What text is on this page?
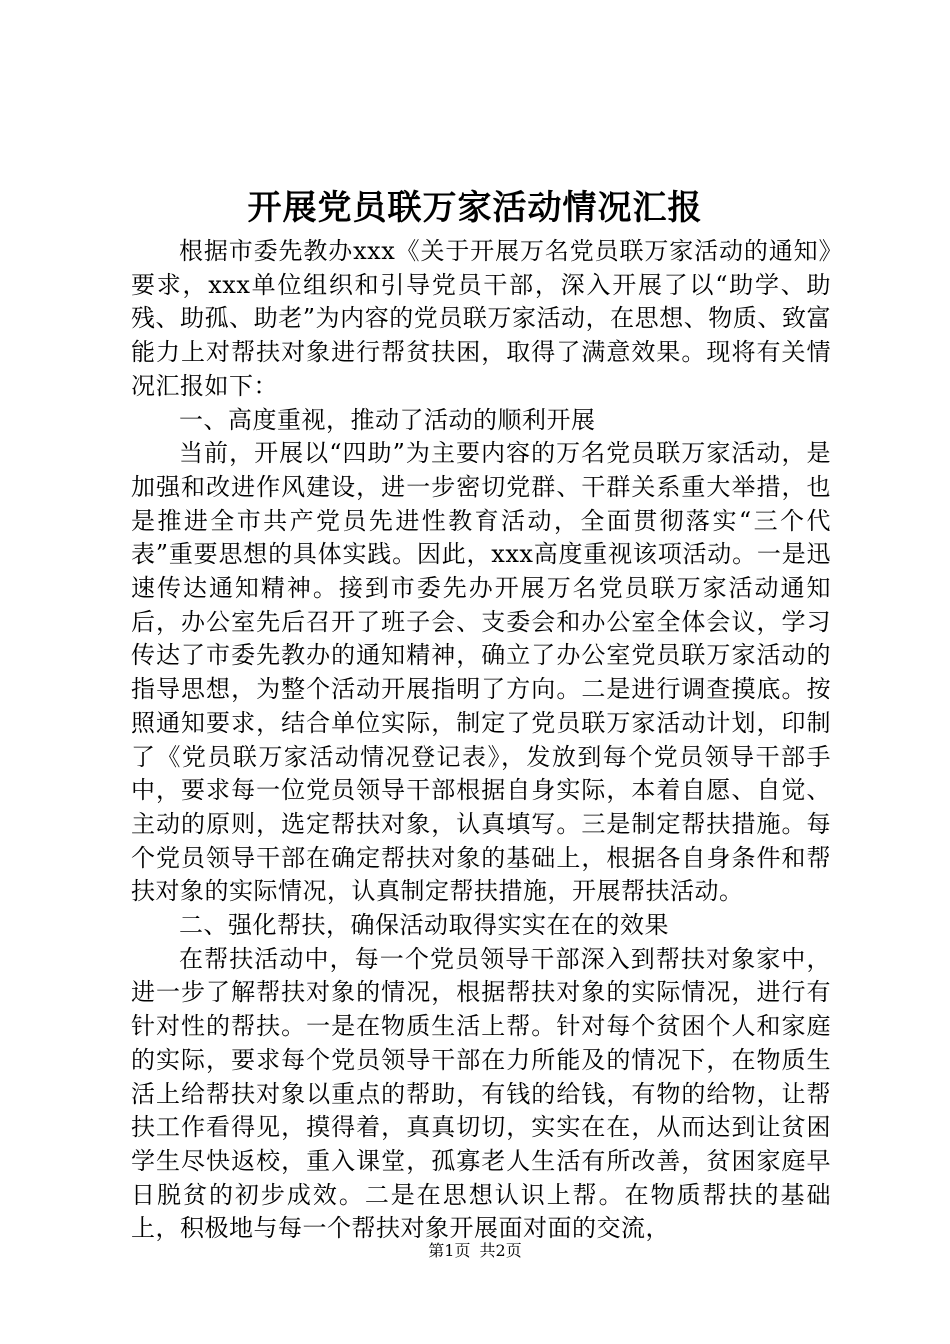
开展党员联万家活动情况汇报

根据市委先教办xxx《关于开展万名党员联万家活动的通知》要求，xxx单位组织和引导党员干部，深入开展了以“助学、助残、助孤、助老”为内容的党员联万家活动，在思想、物质、致富能力上对帮扶对象进行帮贫扶困，取得了满意效果。现将有关情况汇报如下：

一、高度重视，推动了活动的顺利开展

当前，开展以“四助”为主要内容的万名党员联万家活动，是加强和改进作风建设，进一步密切党群、干群关系重大举措，也是推进全市共产党员先进性教育活动，全面贯彻落实“三个代表”重要思想的具体实践。因此，xxx高度重视该项活动。一是迅速传达通知精神。接到市委先办开展万名党员联万家活动通知后，办公室先后召开了班子会、支委会和办公室全体会议，学习传达了市委先教办的通知精神，确立了办公室党员联万家活动的指导思想，为整个活动开展指明了方向。二是进行调查摸底。按照通知要求，结合单位实际，制定了党员联万家活动计划，印制了《党员联万家活动情况登记表》，发放到每个党员领导干部手中，要求每一位党员领导干部根据自身实际，本着自愿、自觉、主动的原则，选定帮扶对象，认真填写。三是制定帮扶措施。每个党员领导干部在确定帮扶对象的基础上，根据各自身条件和帮扶对象的实际情况，认真制定帮扶措施，开展帮扶活动。

二、强化帮扶，确保活动取得实实在在的效果

在帮扶活动中，每一个党员领导干部深入到帮扶对象家中，进一步了解帮扶对象的情况，根据帮扶对象的实际情况，进行有针对性的帮扶。一是在物质生活上帮。针对每个贫困个人和家庭的实际，要求每个党员领导干部在力所能及的情况下，在物质生活上给帮扶对象以重点的帮助，有钱的给钱，有物的给物，让帮扶工作看得见，摸得着，真真切切，实实在在，从而达到让贫困学生尽快返校，重入课堂，孤寡老人生活有所改善，贫困家庭早日脱贫的初步成效。二是在思想认识上帮。在物质帮扶的基础上，积极地与每一个帮扶对象开展面对面的交流，

第1页 共2页
